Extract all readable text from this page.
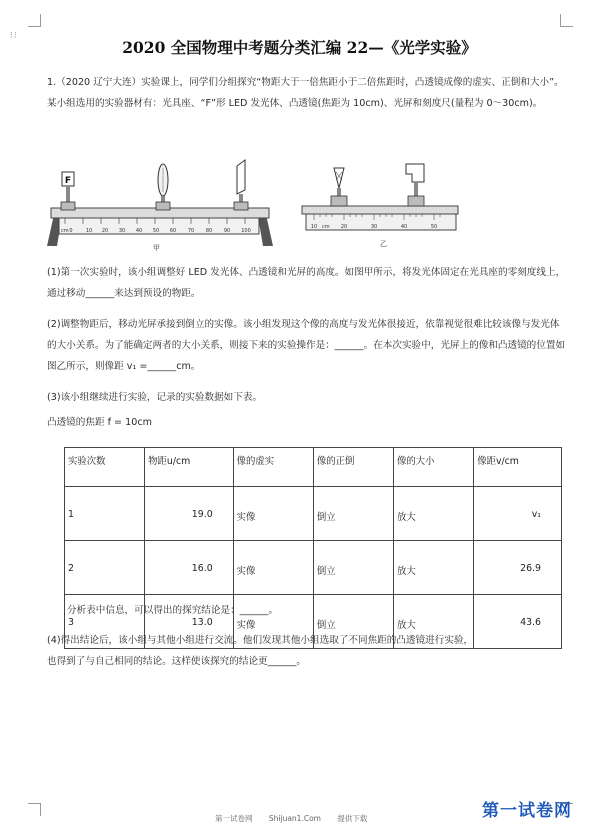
⁝⁝
2020 全国物理中考题分类汇编 22—《光学实验》
1.（2020 辽宁大连）实验课上，同学们分组探究“物距大于一倍焦距小于二倍焦距时，凸透镜成像的虚实、正倒和大小”。某小组选用的实验器材有：光具座、“F”形 LED 发光体、凸透镜(焦距为 10cm)、光屏和刻度尺(量程为 0～30cm)。
cm 0	10 20 30 40 50 60 70 80 90 100
F
甲
10	20	30	40	50
cm
乙
(1)第一次实验时，该小组调整好 LED 发光体、凸透镜和光屏的高度。如图甲所示，将发光体固定在光具座的零刻度线上，通过移动______来达到预设的物距。
(2)调整物距后，移动光屏承接到倒立的实像。该小组发现这个像的高度与发光体很接近，依靠视觉很难比较该像与发光体的大小关系。为了能确定两者的大小关系，则接下来的实验操作是：______。在本次实验中，光屏上的像和凸透镜的位置如图乙所示，则像距 v₁ =______cm。
(3)该小组继续进行实验，记录的实验数据如下表。
凸透镜的焦距 f = 10cm
实验次数	物距u/cm	像的虚实	像的正倒	像的大小	像距v/cm
1	19.0	实像	倒立	放大	v₁
2	16.0	实像	倒立	放大	26.9
3	13.0	实像	倒立	放大	43.6
分析表中信息，可以得出的探究结论是：______。
(4)得出结论后，该小组与其他小组进行交流。他们发现其他小组选取了不同焦距的凸透镜进行实验，
也得到了与自己相同的结论。这样使该探究的结论更______。
第一试卷网 Shijuan1.Com 提供下载	第一试卷网
